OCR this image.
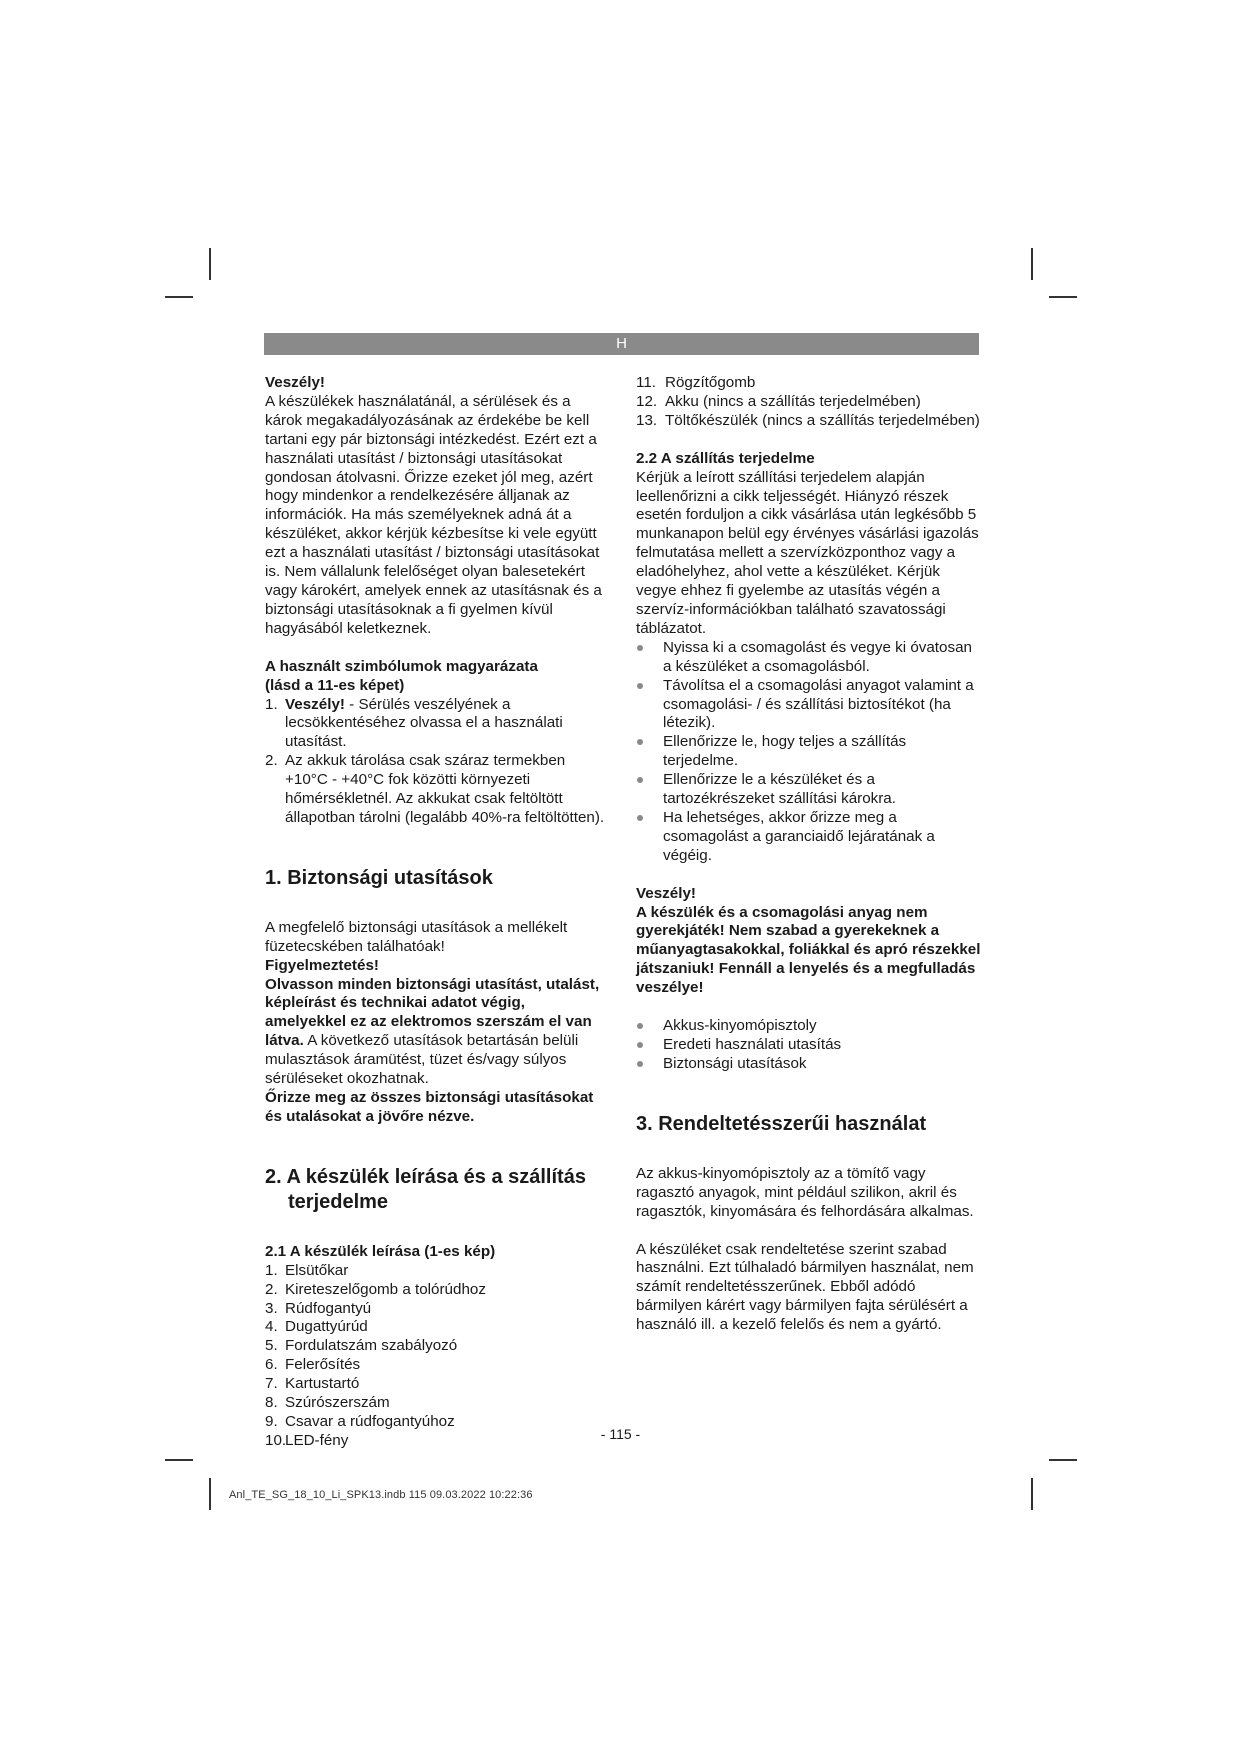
H

Veszély!

A készülékek használatánál, a sérülések és a károk megakadályozásának az érdekébe be kell tartani egy pár biztonsági intézkedést. Ezért ezt a használati utasítást / biztonsági utasításokat gondosan átolvasni. Őrizze ezeket jól meg, azért hogy mindenkor a rendelkezésére álljanak az információk. Ha más személyeknek adná át a készüléket, akkor kérjük kézbesítse ki vele együtt ezt a használati utasítást / biztonsági utasításokat is. Nem vállalunk felelőséget olyan balesetekért vagy károkért, amelyek ennek az utasításnak és a biztonsági utasításoknak a fi gyelmen kívül hagyásából keletkeznek.

A használt szimbólumok magyarázata

(lásd a 11-es képet)

1. Veszély! - Sérülés veszélyének a lecsökkentéséhez olvassa el a használati utasítást.
2. Az akkuk tárolása csak száraz termekben +10°C - +40°C fok közötti környezeti hőmérsékletnél. Az akkukat csak feltöltött állapotban tárolni (legalább 40%-ra feltöltötten).
1. Biztonsági utasítások

A megfelelő biztonsági utasítások a mellékelt füzetecskében találhatóak!

Figyelmeztetés!

Olvasson minden biztonsági utasítást, utalást, képleírást és technikai adatot végig, amelyekkel ez az elektromos szerszám el van látva. A következő utasítások betartásán belüli mulasztások áramütést, tüzet és/vagy súlyos sérüléseket okozhatnak.

Őrizze meg az összes biztonsági utasításokat és utalásokat a jövőre nézve.

2. A készülék leírása és a szállítás
terjedelme
2.1 A készülék leírása (1-es kép)
1. Elsütőkar
2. Kireteszelőgomb a tolórúdhoz
3. Rúdfogantyú
4. Dugattyúrúd
5. Fordulatszám szabályozó
6. Felerősítés
7. Kartustartó
8. Szúrószerszám
9. Csavar a rúdfogantyúhoz
10.
LED-fény
11. Rögzítőgomb
12. Akku (nincs a szállítás terjedelmében)
13. Töltőkészülék (nincs a szállítás terjedelmében)
2.2 A szállítás terjedelme

Kérjük a leírott szállítási terjedelem alapján leellenőrizni a cikk teljességét. Hiányzó részek esetén forduljon a cikk vásárlása után legkésőbb 5 munkanapon belül egy érvényes vásárlási igazolás felmutatása mellett a szervízközponthoz vagy a eladóhelyhez, ahol vette a készüléket. Kérjük vegye ehhez fi gyelembe az utasítás végén a szervíz-információkban található szavatossági táblázatot.

Nyissa ki a csomagolást és vegye ki óvatosan a készüléket a csomagolásból.
Távolítsa el a csomagolási anyagot valamint a csomagolási- / és szállítási biztosítékot (ha létezik).
Ellenőrizze le, hogy teljes a szállítás terjedelme.
Ellenőrizze le a készüléket és a tartozékrészeket szállítási károkra.
Ha lehetséges, akkor őrizze meg a csomagolást a garanciaidő lejáratának a végéig.

Veszély!

A készülék és a csomagolási anyag nem gyerekjáték! Nem szabad a gyerekeknek a műanyagtasakokkal, foliákkal és apró részekkel játszaniuk! Fennáll a lenyelés és a megfulladás veszélye!

Akkus-kinyomópisztoly
Eredeti használati utasítás
Biztonsági utasítások
3. Rendeltetésszerűi használat

Az akkus-kinyomópisztoly az a tömítő vagy ragasztó anyagok, mint például szilikon, akril és ragasztók, kinyomására és felhordására alkalmas.

A készüléket csak rendeltetése szerint szabad használni. Ezt túlhaladó bármilyen használat, nem számít rendeltetésszerűnek. Ebből adódó bármilyen kárért vagy bármilyen fajta sérülésért a használó ill. a kezelő felelős és nem a gyártó.

- 115 -
Anl_TE_SG_18_10_Li_SPK13.indb 115 09.03.2022 10:22:36
